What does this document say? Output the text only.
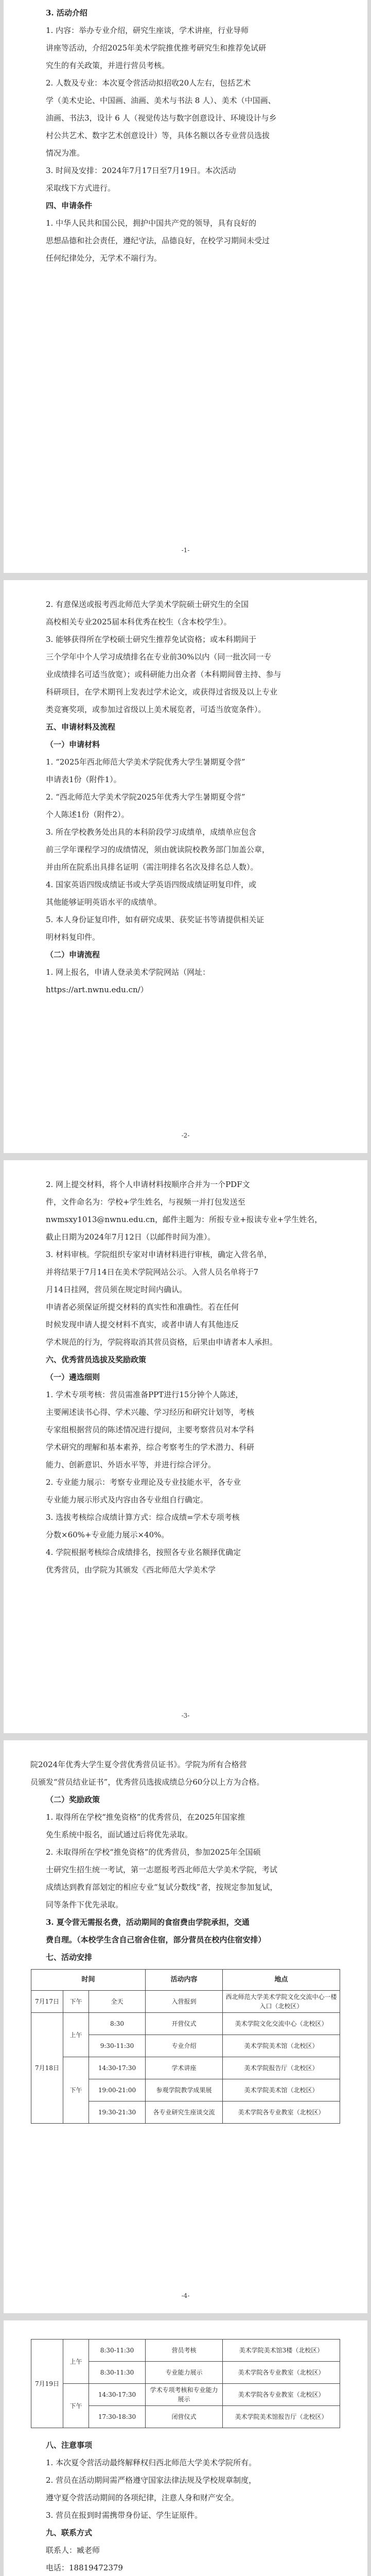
3. 活动介绍

1. 内容：举办专业介绍，研究生座谈，学术讲座，行业导师

讲座等活动，介绍2025年美术学院推优推考研究生和推荐免试研

究生的有关政策，并进行营员考核。

2. 人数及专业：本次夏令营活动拟招收20人左右，包括艺术

学（美术史论、中国画、油画、美术与书法 8 人）、美术（中国画、

油画、书法3，设计 6 人（视觉传达与数字创意设计、环境设计与乡

村公共艺术、数字艺术创意设计）等，具体名额以各专业营员选拔

情况为准。

3. 时间及安排：2024年7月17日至7月19日。本次活动

采取线下方式进行。

四、申请条件

1. 中华人民共和国公民，拥护中国共产党的领导，具有良好的

思想品德和社会责任，遵纪守法，品德良好，在校学习期间未受过

任何纪律处分，无学术不端行为。

-1-

2. 有意保送或报考西北师范大学美术学院硕士研究生的全国

高校相关专业2025届本科优秀在校生（含本校学生）。

3. 能够获得所在学校硕士研究生推荐免试资格；或本科期间于

三个学年中个人学习成绩排名在专业前30%以内（同一批次同一专

业成绩排名可适当放宽）；或科研能力出众者（本科期间曾主持、参与

科研项目，在学术期刊上发表过学术论文，或获得过省级及以上专业

类竞赛奖项，或参加过省级以上美术展览者，可适当放宽条件）。

五、申请材料及流程

（一）申请材料

1. “2025年西北师范大学美术学院优秀大学生暑期夏令营”

申请表1份（附件1）。

2. “西北师范大学美术学院2025年优秀大学生暑期夏令营”

个人陈述1份（附件2）。

3. 所在学校教务处出具的本科阶段学习成绩单，成绩单应包含

前三学年课程学习的成绩情况，须由就读院校教务部门加盖公章，

并由所在院系出具排名证明（需注明排名名次及排名总人数）。

4. 国家英语四级成绩证书或大学英语四级成绩证明复印件，或

其他能够证明英语水平的成绩单。

5. 本人身份证复印件，如有研究成果、获奖证书等请提供相关证

明材料复印件。

（二）申请流程

1. 网上报名，申请人登录美术学院网站（网址：

https://art.nwnu.edu.cn/）

-2-

2. 网上提交材料，将个人申请材料按顺序合并为一个PDF文

件，文件命名为：学校+学生姓名，与视频一并打包发送至

nwmsxy1013@nwnu.edu.cn，邮件主题为：所报专业+报读专业+学生姓名，

截止日期为2024年7月12日（以邮件时间为准）。

3. 材料审核。学院组织专家对申请材料进行审核，确定入营名单，

并将结果于7月14日在美术学院网站公示。入营人员名单将于7

月14日挂网，营员须在规定时间内确认。

申请者必须保证所提交材料的真实性和准确性。若在任何

时候发现申请人提交材料不真实，或者申请人有其他违反

学术规范的行为，学院将取消其营员资格，后果由申请者本人承担。

六、优秀营员选拔及奖励政策

（一）遴选细则

1. 学术专项考核：营员需准备PPT进行15分钟个人陈述，

主要阐述读书心得、学术兴趣、学习经历和研究计划等，考核

专家组根据营员的陈述情况进行提问，主要考察营员对本学科

学术研究的理解和基本素养，综合考察考生的学术潜力、科研

能力、创新意识、外语水平等，并进行综合评分。

2. 专业能力展示：考察专业理论及专业技能水平，各专业

专业能力展示形式及内容由各专业组自行确定。

3. 选拔考核综合成绩计算方式：综合成绩=学术专项考核

分数×60%+专业能力展示×40%。

4. 学院根据考核综合成绩排名，按照各专业名额择优确定

优秀营员，由学院为其颁发《西北师范大学美术学

-3-

院2024年优秀大学生夏令营优秀营员证书》。学院为所有合格营

员颁发“营员结业证书”，优秀营员选拔成绩总分60分以上方为合格。

（二）奖励政策

1. 取得所在学校“推免资格”的优秀营员，在2025年国家推

免生系统中报名，面试通过后将优先录取。

2. 未取得所在学校“推免资格”的优秀营员，参加2025年全国硕

士研究生招生统一考试，第一志愿报考西北师范大学美术学院，考试

成绩达到教育部划定的相应专业“复试分数线”者，按规定参加复试，

同等条件下优先录取。

3. 夏令营无需报名费，活动期间的食宿费由学院承担，交通

费自理。（本校学生含自己宿舍住宿，部分营员在校内住宿安排）

七、活动安排

时间			活动内容	地点
7月17日	下午	全天	入营报到	西北师范大学美术学院文化交流中心一楼入口（北校区）
7月18日	上午	8:30	开营仪式	美术学院文化交流中心（北校区）
		9:30-11:30	专业介绍	美术学院美术馆（北校区）
	下午	14:30-17:30	学术讲座	美术学院报告厅（北校区）
		19:00-21:00	参观学院教学成果展	美术学院美术馆（北校区）
		19:30-21:30	各专业研究生座谈交流	美术学院各专业教室（北校区）
-4-
7月19日	上午	8:30-11:30	营员考核	美术学院美术馆3楼（北校区）
		8:30-11:30	专业能力展示	美术学院各专业教室（北校区）
	下午	14:30-17:30	学术专项考核和专业能力展示	美术学院各专业教室（北校区）
		17:30-18:30	闭营仪式	美术学院美术馆报告厅（北校区）

八、注意事项

1. 本次夏令营活动最终解释权归西北师范大学美术学院所有。

2. 营员在活动期间需严格遵守国家法律法规及学校规章制度，

遵守夏令营活动期间的各项纪律，注意人身和财产安全。

3. 营员在报到时需携带身份证、学生证原件。

九、联系方式

联系人：臧老师

电话：18819472379
